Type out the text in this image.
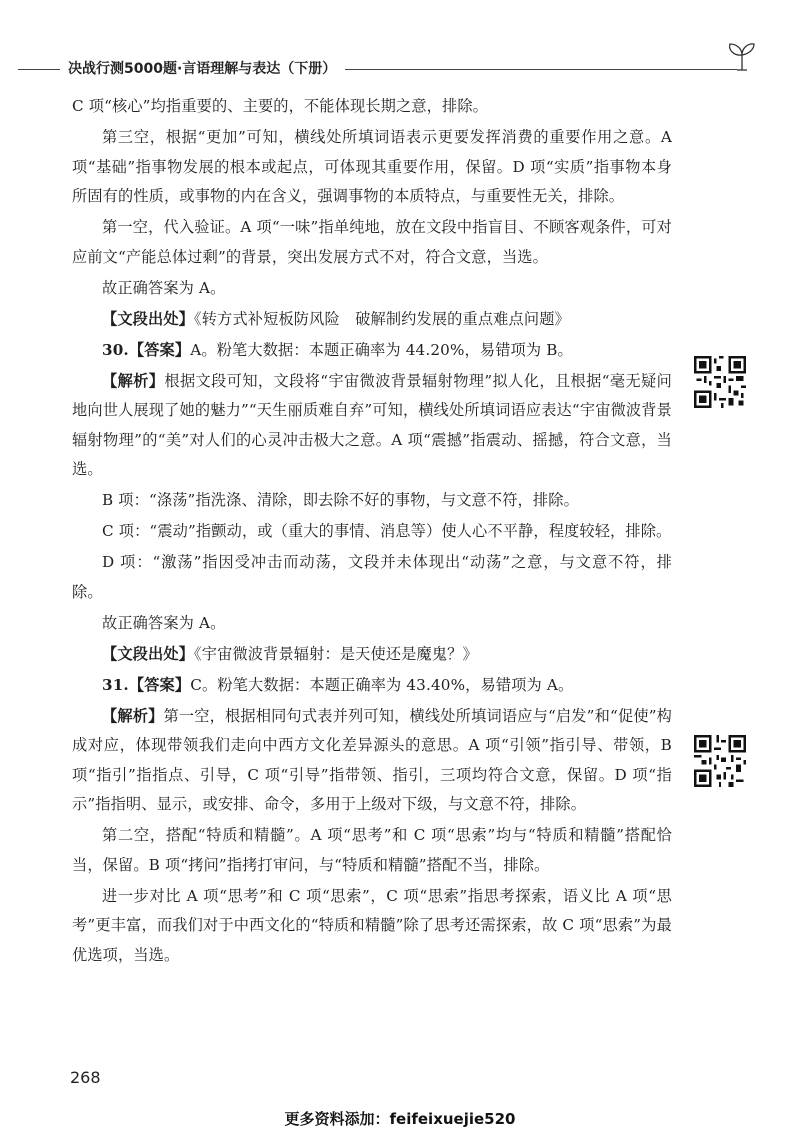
决战行测5000题·言语理解与表达（下册）

C 项“核心”均指重要的、主要的，不能体现长期之意，排除。

第三空，根据“更加”可知，横线处所填词语表示更要发挥消费的重要作用之意。A 项“基础”指事物发展的根本或起点，可体现其重要作用，保留。D 项“实质”指事物本身所固有的性质，或事物的内在含义，强调事物的本质特点，与重要性无关，排除。

第一空，代入验证。A 项“一味”指单纯地，放在文段中指盲目、不顾客观条件，可对应前文“产能总体过剩”的背景，突出发展方式不对，符合文意，当选。

故正确答案为 A。

【文段出处】《转方式补短板防风险　破解制约发展的重点难点问题》

30.【答案】A。粉笔大数据：本题正确率为 44.20%，易错项为 B。

【解析】根据文段可知，文段将“宇宙微波背景辐射物理”拟人化，且根据“毫无疑问地向世人展现了她的魅力”“天生丽质难自弃”可知，横线处所填词语应表达“宇宙微波背景辐射物理”的“美”对人们的心灵冲击极大之意。A 项“震撼”指震动、摇撼，符合文意，当选。

B 项：“涤荡”指洗涤、清除，即去除不好的事物，与文意不符，排除。

C 项：“震动”指颤动，或（重大的事情、消息等）使人心不平静，程度较轻，排除。

D 项：“激荡”指因受冲击而动荡，文段并未体现出“动荡”之意，与文意不符，排除。

故正确答案为 A。

【文段出处】《宇宙微波背景辐射：是天使还是魔鬼？》

31.【答案】C。粉笔大数据：本题正确率为 43.40%，易错项为 A。

【解析】第一空，根据相同句式表并列可知，横线处所填词语应与“启发”和“促使”构成对应，体现带领我们走向中西方文化差异源头的意思。A 项“引领”指引导、带领，B 项“指引”指指点、引导，C 项“引导”指带领、指引，三项均符合文意，保留。D 项“指示”指指明、显示，或安排、命令，多用于上级对下级，与文意不符，排除。

第二空，搭配“特质和精髓”。A 项“思考”和 C 项“思索”均与“特质和精髓”搭配恰当，保留。B 项“拷问”指拷打审问，与“特质和精髓”搭配不当，排除。

进一步对比 A 项“思考”和 C 项“思索”，C 项“思索”指思考探索，语义比 A 项“思考”更丰富，而我们对于中西文化的“特质和精髓”除了思考还需探索，故 C 项“思索”为最优选项，当选。

268
更多资料添加：feifeixuejie520
